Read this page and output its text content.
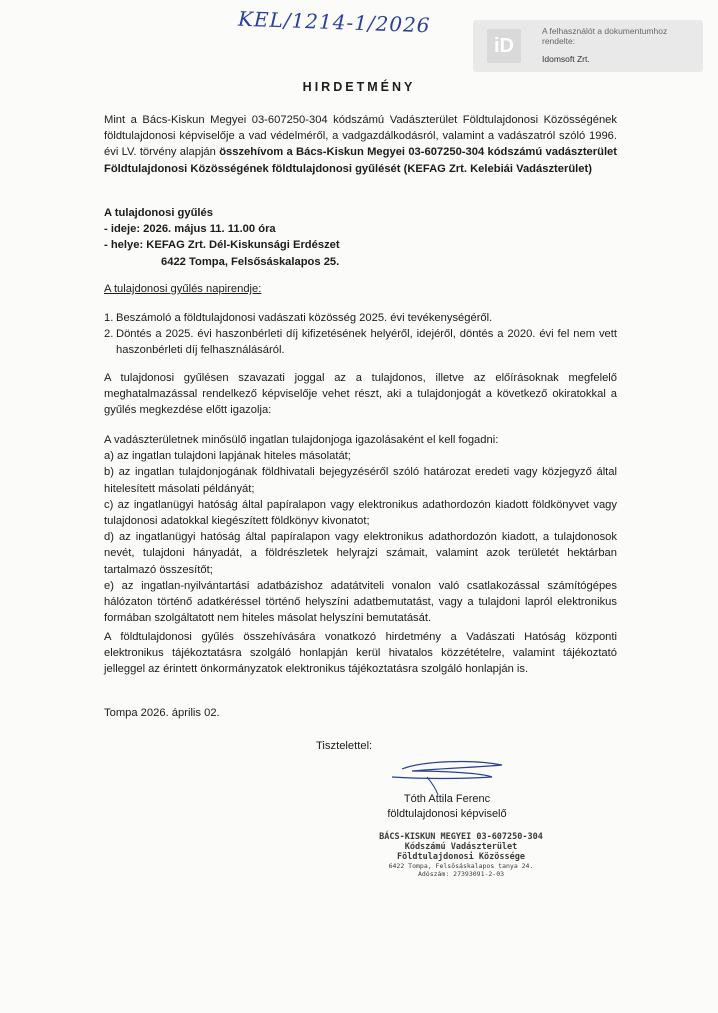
KEL/1214-1/2026
iD
A felhasználót a dokumentumhoz rendelte:
Idomsoft Zrt.
HIRDETMÉNY
Mint a Bács-Kiskun Megyei 03-607250-304 kódszámú Vadászterület Földtulajdonosi Közösségének földtulajdonosi képviselője a vad védelméről, a vadgazdálkodásról, valamint a vadászatról szóló 1996. évi LV. törvény alapján összehívom a Bács-Kiskun Megyei 03-607250-304 kódszámú vadászterület Földtulajdonosi Közösségének földtulajdonosi gyűlését (KEFAG Zrt. Kelebiái Vadászterület)
A tulajdonosi gyűlés
- ideje: 2026. május 11. 11.00 óra
- helye: KEFAG Zrt. Dél-Kiskunsági Erdészet
6422 Tompa, Felsősáskalapos 25.
A tulajdonosi gyűlés napirendje:
1. Beszámoló a földtulajdonosi vadászati közösség 2025. évi tevékenységéről.
2. Döntés a 2025. évi haszonbérleti díj kifizetésének helyéről, idejéről, döntés a 2020. évi fel nem vett haszonbérleti díj felhasználásáról.
A tulajdonosi gyűlésen szavazati joggal az a tulajdonos, illetve az előírásoknak megfelelő meghatalmazással rendelkező képviselője vehet részt, aki a tulajdonjogát a következő okiratokkal a gyűlés megkezdése előtt igazolja:
A vadászterületnek minősülő ingatlan tulajdonjoga igazolásaként el kell fogadni:
a) az ingatlan tulajdoni lapjának hiteles másolatát;
b) az ingatlan tulajdonjogának földhivatali bejegyzéséről szóló határozat eredeti vagy közjegyző által hitelesített másolati példányát;
c) az ingatlanügyi hatóság által papíralapon vagy elektronikus adathordozón kiadott földkönyvet vagy tulajdonosi adatokkal kiegészített földkönyv kivonatot;
d) az ingatlanügyi hatóság által papíralapon vagy elektronikus adathordozón kiadott, a tulajdonosok nevét, tulajdoni hányadát, a földrészletek helyrajzi számait, valamint azok területét hektárban tartalmazó összesítőt;
e) az ingatlan-nyilvántartási adatbázishoz adatátviteli vonalon való csatlakozással számítógépes hálózaton történő adatkéréssel történő helyszíni adatbemutatást, vagy a tulajdoni lapról elektronikus formában szolgáltatott nem hiteles másolat helyszíni bemutatását.
A földtulajdonosi gyűlés összehívására vonatkozó hirdetmény a Vadászati Hatóság központi elektronikus tájékoztatásra szolgáló honlapján kerül hivatalos közzétételre, valamint tájékoztató jelleggel az érintett önkormányzatok elektronikus tájékoztatásra szolgáló honlapján is.
Tompa 2026. április 02.
Tisztelettel:
Tóth Attila Ferenc
földtulajdonosi képviselő
BÁCS-KISKUN MEGYEI 03-607250-304
Kódszámú Vadászterület
Földtulajdonosi Közössége
6422 Tompa, Felsősáskalapos tanya 24.
Adószám: 27393091-2-03
